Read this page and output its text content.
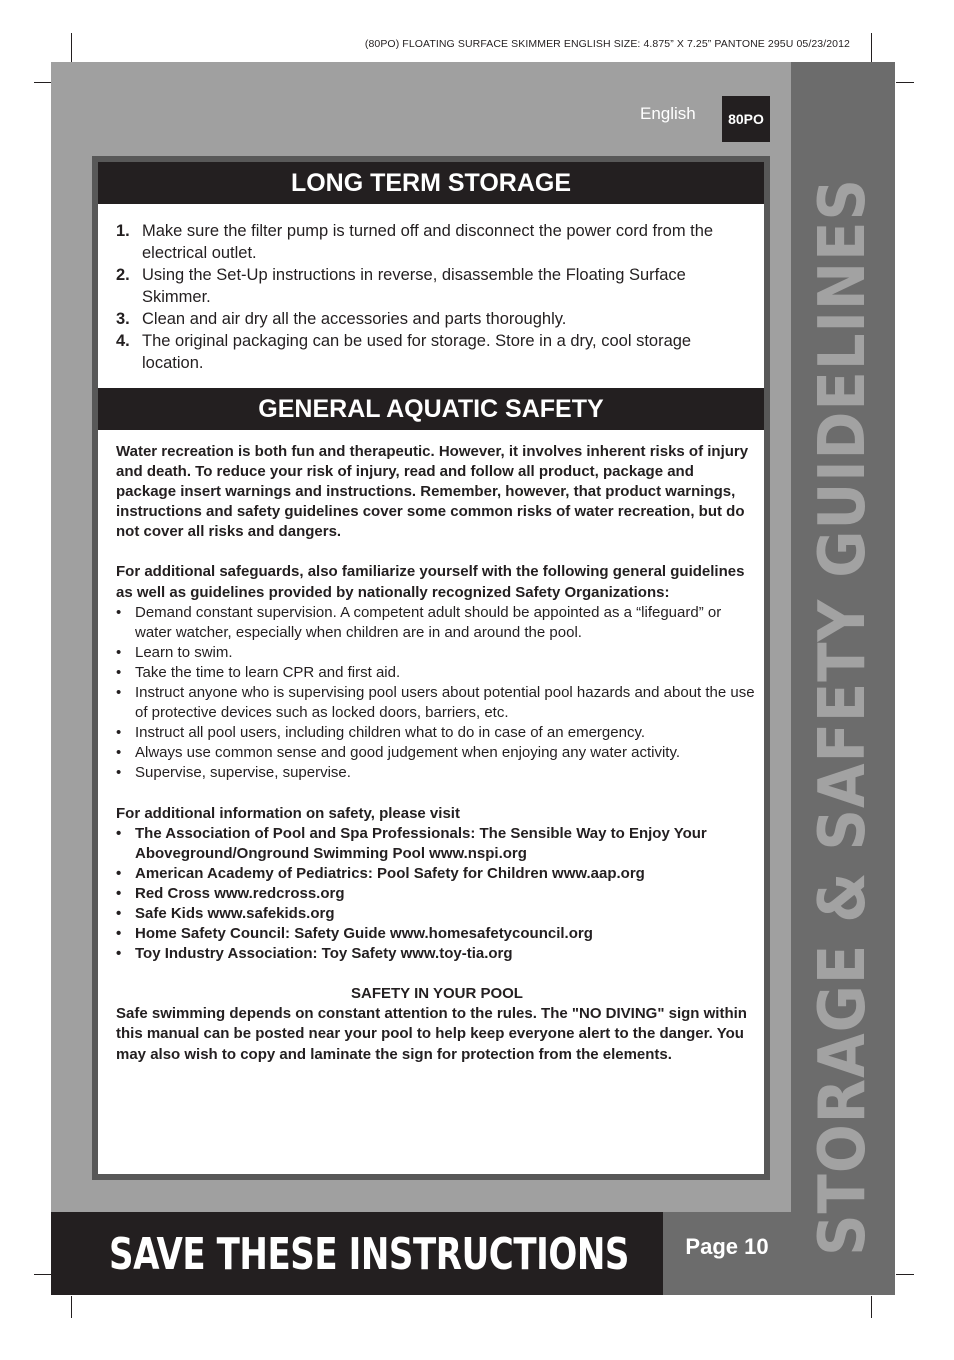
(80PO) FLOATING SURFACE SKIMMER ENGLISH SIZE: 4.875” X 7.25” PANTONE 295U 05/23/2012
STORAGE & SAFETY GUIDELINES
English	80PO
LONG TERM STORAGE
1. Make sure the filter pump is turned off and disconnect the power cord from the electrical outlet.
2. Using the Set-Up instructions in reverse, disassemble the Floating Surface Skimmer.
3. Clean and air dry all the accessories and parts thoroughly.
4. The original packaging can be used for storage. Store in a dry, cool storage location.
GENERAL AQUATIC SAFETY

Water recreation is both fun and therapeutic. However, it involves inherent risks of injury and death. To reduce your risk of injury, read and follow all product, package and package insert warnings and instructions. Remember, however, that product warnings, instructions and safety guidelines cover some common risks of water recreation, but do not cover all risks and dangers.

For additional safeguards, also familiarize yourself with the following general guidelines as well as guidelines provided by nationally recognized Safety Organizations:

• Demand constant supervision. A competent adult should be appointed as a “lifeguard” or water watcher, especially when children are in and around the pool.
• Learn to swim.
• Take the time to learn CPR and first aid.
• Instruct anyone who is supervising pool users about potential pool hazards and about the use of protective devices such as locked doors, barriers, etc.
• Instruct all pool users, including children what to do in case of an emergency.
• Always use common sense and good judgement when enjoying any water activity.
• Supervise, supervise, supervise.

For additional information on safety, please visit

• The Association of Pool and Spa Professionals: The Sensible Way to Enjoy Your Aboveground/Onground Swimming Pool www.nspi.org
• American Academy of Pediatrics: Pool Safety for Children www.aap.org
• Red Cross www.redcross.org
• Safe Kids www.safekids.org
• Home Safety Council: Safety Guide www.homesafetycouncil.org
• Toy Industry Association: Toy Safety www.toy-tia.org

SAFETY IN YOUR POOL

Safe swimming depends on constant attention to the rules. The "NO DIVING" sign within this manual can be posted near your pool to help keep everyone alert to the danger. You may also wish to copy and laminate the sign for protection from the elements.

SAVE THESE INSTRUCTIONS	Page 10
